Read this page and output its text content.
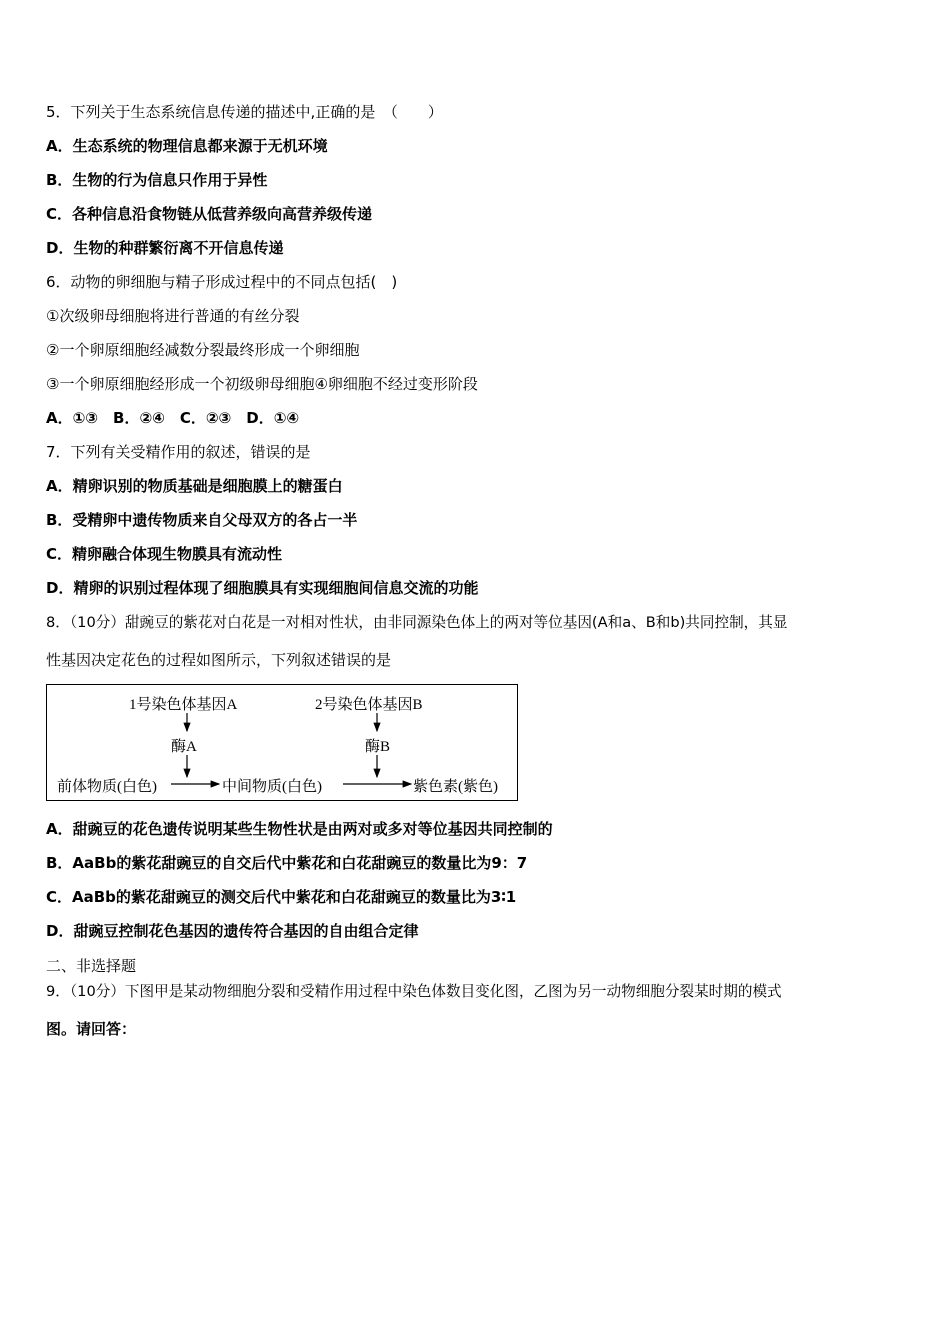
5．下列关于生态系统信息传递的描述中,正确的是　（　　）
A．生态系统的物理信息都来源于无机环境
B．生物的行为信息只作用于异性
C．各种信息沿食物链从低营养级向高营养级传递
D．生物的种群繁衍离不开信息传递
6．动物的卵细胞与精子形成过程中的不同点包括(　)
①次级卵母细胞将进行普通的有丝分裂
②一个卵原细胞经减数分裂最终形成一个卵细胞
③一个卵原细胞经形成一个初级卵母细胞④卵细胞不经过变形阶段
A．①③　B．②④　C．②③　D．①④
7．下列有关受精作用的叙述，错误的是
A．精卵识别的物质基础是细胞膜上的糖蛋白
B．受精卵中遗传物质来自父母双方的各占一半
C．精卵融合体现生物膜具有流动性
D．精卵的识别过程体现了细胞膜具有实现细胞间信息交流的功能
8．（10分）甜豌豆的紫花对白花是一对相对性状，由非同源染色体上的两对等位基因(A和a、B和b)共同控制，其显
性基因决定花色的过程如图所示，下列叙述错误的是
1号染色体基因A	2号染色体基因B
酶A	酶B
前体物质(白色)	中间物质(白色)	紫色素(紫色)
A．甜豌豆的花色遗传说明某些生物性状是由两对或多对等位基因共同控制的
B．AaBb的紫花甜豌豆的自交后代中紫花和白花甜豌豆的数量比为9：7
C．AaBb的紫花甜豌豆的测交后代中紫花和白花甜豌豆的数量比为3∶1
D．甜豌豆控制花色基因的遗传符合基因的自由组合定律
二、非选择题
9．（10分）下图甲是某动物细胞分裂和受精作用过程中染色体数目变化图，乙图为另一动物细胞分裂某时期的模式
图。请回答：
